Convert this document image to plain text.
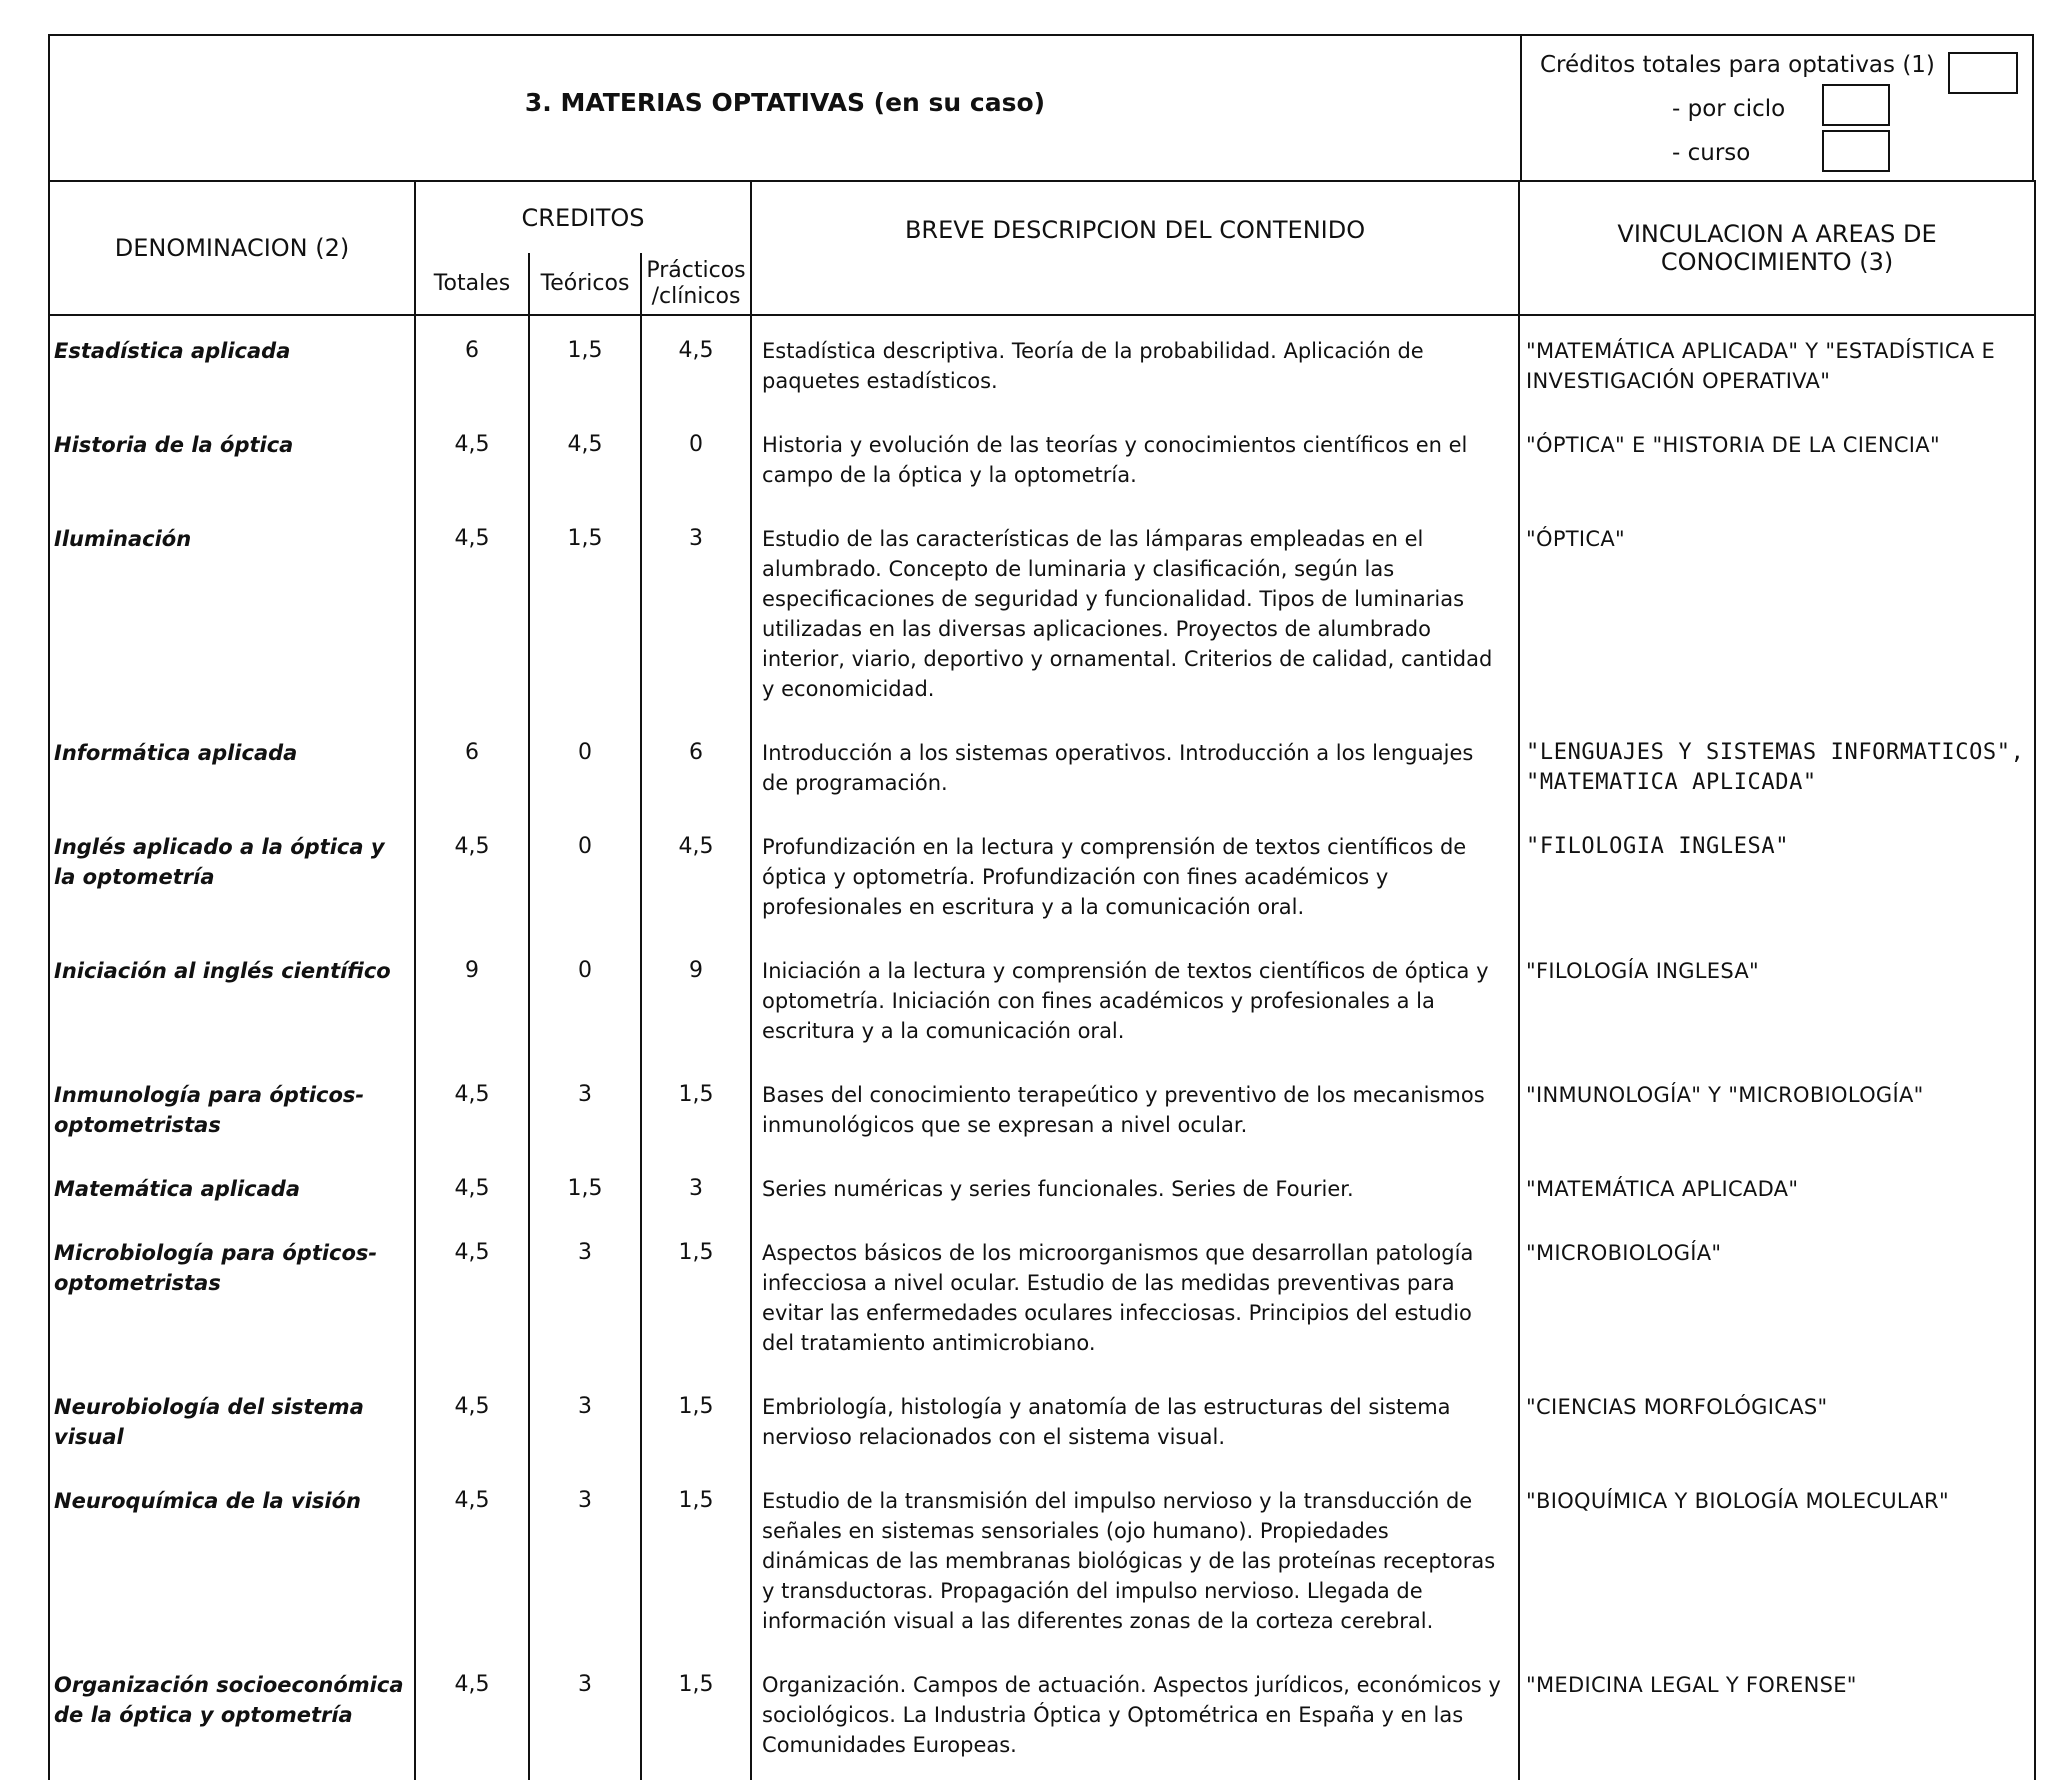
3. MATERIAS OPTATIVAS (en su caso)
Créditos totales para optativas (1)
- por ciclo
- curso
DENOMINACION (2)	CREDITOS			BREVE DESCRIPCION DEL CONTENIDO	VINCULACION A AREAS DE CONOCIMIENTO (3)
	Totales	Teóricos	Prácticos /clínicos		
Estadística aplicada	6	1,5	4,5	Estadística descriptiva. Teoría de la probabilidad. Aplicación de paquetes estadísticos.	"MATEMÁTICA APLICADA" Y "ESTADÍSTICA E INVESTIGACIÓN OPERATIVA"
Historia de la óptica	4,5	4,5	0	Historia y evolución de las teorías y conocimientos científicos en el campo de la óptica y la optometría.	"ÓPTICA" E "HISTORIA DE LA CIENCIA"
Iluminación	4,5	1,5	3	Estudio de las características de las lámparas empleadas en el alumbrado. Concepto de luminaria y clasificación, según las especificaciones de seguridad y funcionalidad. Tipos de luminarias utilizadas en las diversas aplicaciones. Proyectos de alumbrado interior, viario, deportivo y ornamental. Criterios de calidad, cantidad y economicidad.	"ÓPTICA"
Informática aplicada	6	0	6	Introducción a los sistemas operativos. Introducción a los lenguajes de programación.	"LENGUAJES Y SISTEMAS INFORMATICOS", "MATEMATICA APLICADA"
Inglés aplicado a la óptica y la optometría	4,5	0	4,5	Profundización en la lectura y comprensión de textos científicos de óptica y optometría. Profundización con fines académicos y profesionales en escritura y a la comunicación oral.	"FILOLOGIA INGLESA"
Iniciación al inglés científico	9	0	9	Iniciación a la lectura y comprensión de textos científicos de óptica y optometría. Iniciación con fines académicos y profesionales a la escritura y a la comunicación oral.	"FILOLOGÍA INGLESA"
Inmunología para ópticos-optometristas	4,5	3	1,5	Bases del conocimiento terapeútico y preventivo de los mecanismos inmunológicos que se expresan a nivel ocular.	"INMUNOLOGÍA" Y "MICROBIOLOGÍA"
Matemática aplicada	4,5	1,5	3	Series numéricas y series funcionales. Series de Fourier.	"MATEMÁTICA APLICADA"
Microbiología para ópticos-optometristas	4,5	3	1,5	Aspectos básicos de los microorganismos que desarrollan patología infecciosa a nivel ocular. Estudio de las medidas preventivas para evitar las enfermedades oculares infecciosas. Principios del estudio del tratamiento antimicrobiano.	"MICROBIOLOGÍA"
Neurobiología del sistema visual	4,5	3	1,5	Embriología, histología y anatomía de las estructuras del sistema nervioso relacionados con el sistema visual.	"CIENCIAS MORFOLÓGICAS"
Neuroquímica de la visión	4,5	3	1,5	Estudio de la transmisión del impulso nervioso y la transducción de señales en sistemas sensoriales (ojo humano). Propiedades dinámicas de las membranas biológicas y de las proteínas receptoras y transductoras. Propagación del impulso nervioso. Llegada de información visual a las diferentes zonas de la corteza cerebral.	"BIOQUÍMICA Y BIOLOGÍA MOLECULAR"
Organización socioeconómica de la óptica y optometría	4,5	3	1,5	Organización. Campos de actuación. Aspectos jurídicos, económicos y sociológicos. La Industria Óptica y Optométrica en España y en las Comunidades Europeas.	"MEDICINA LEGAL Y FORENSE"
